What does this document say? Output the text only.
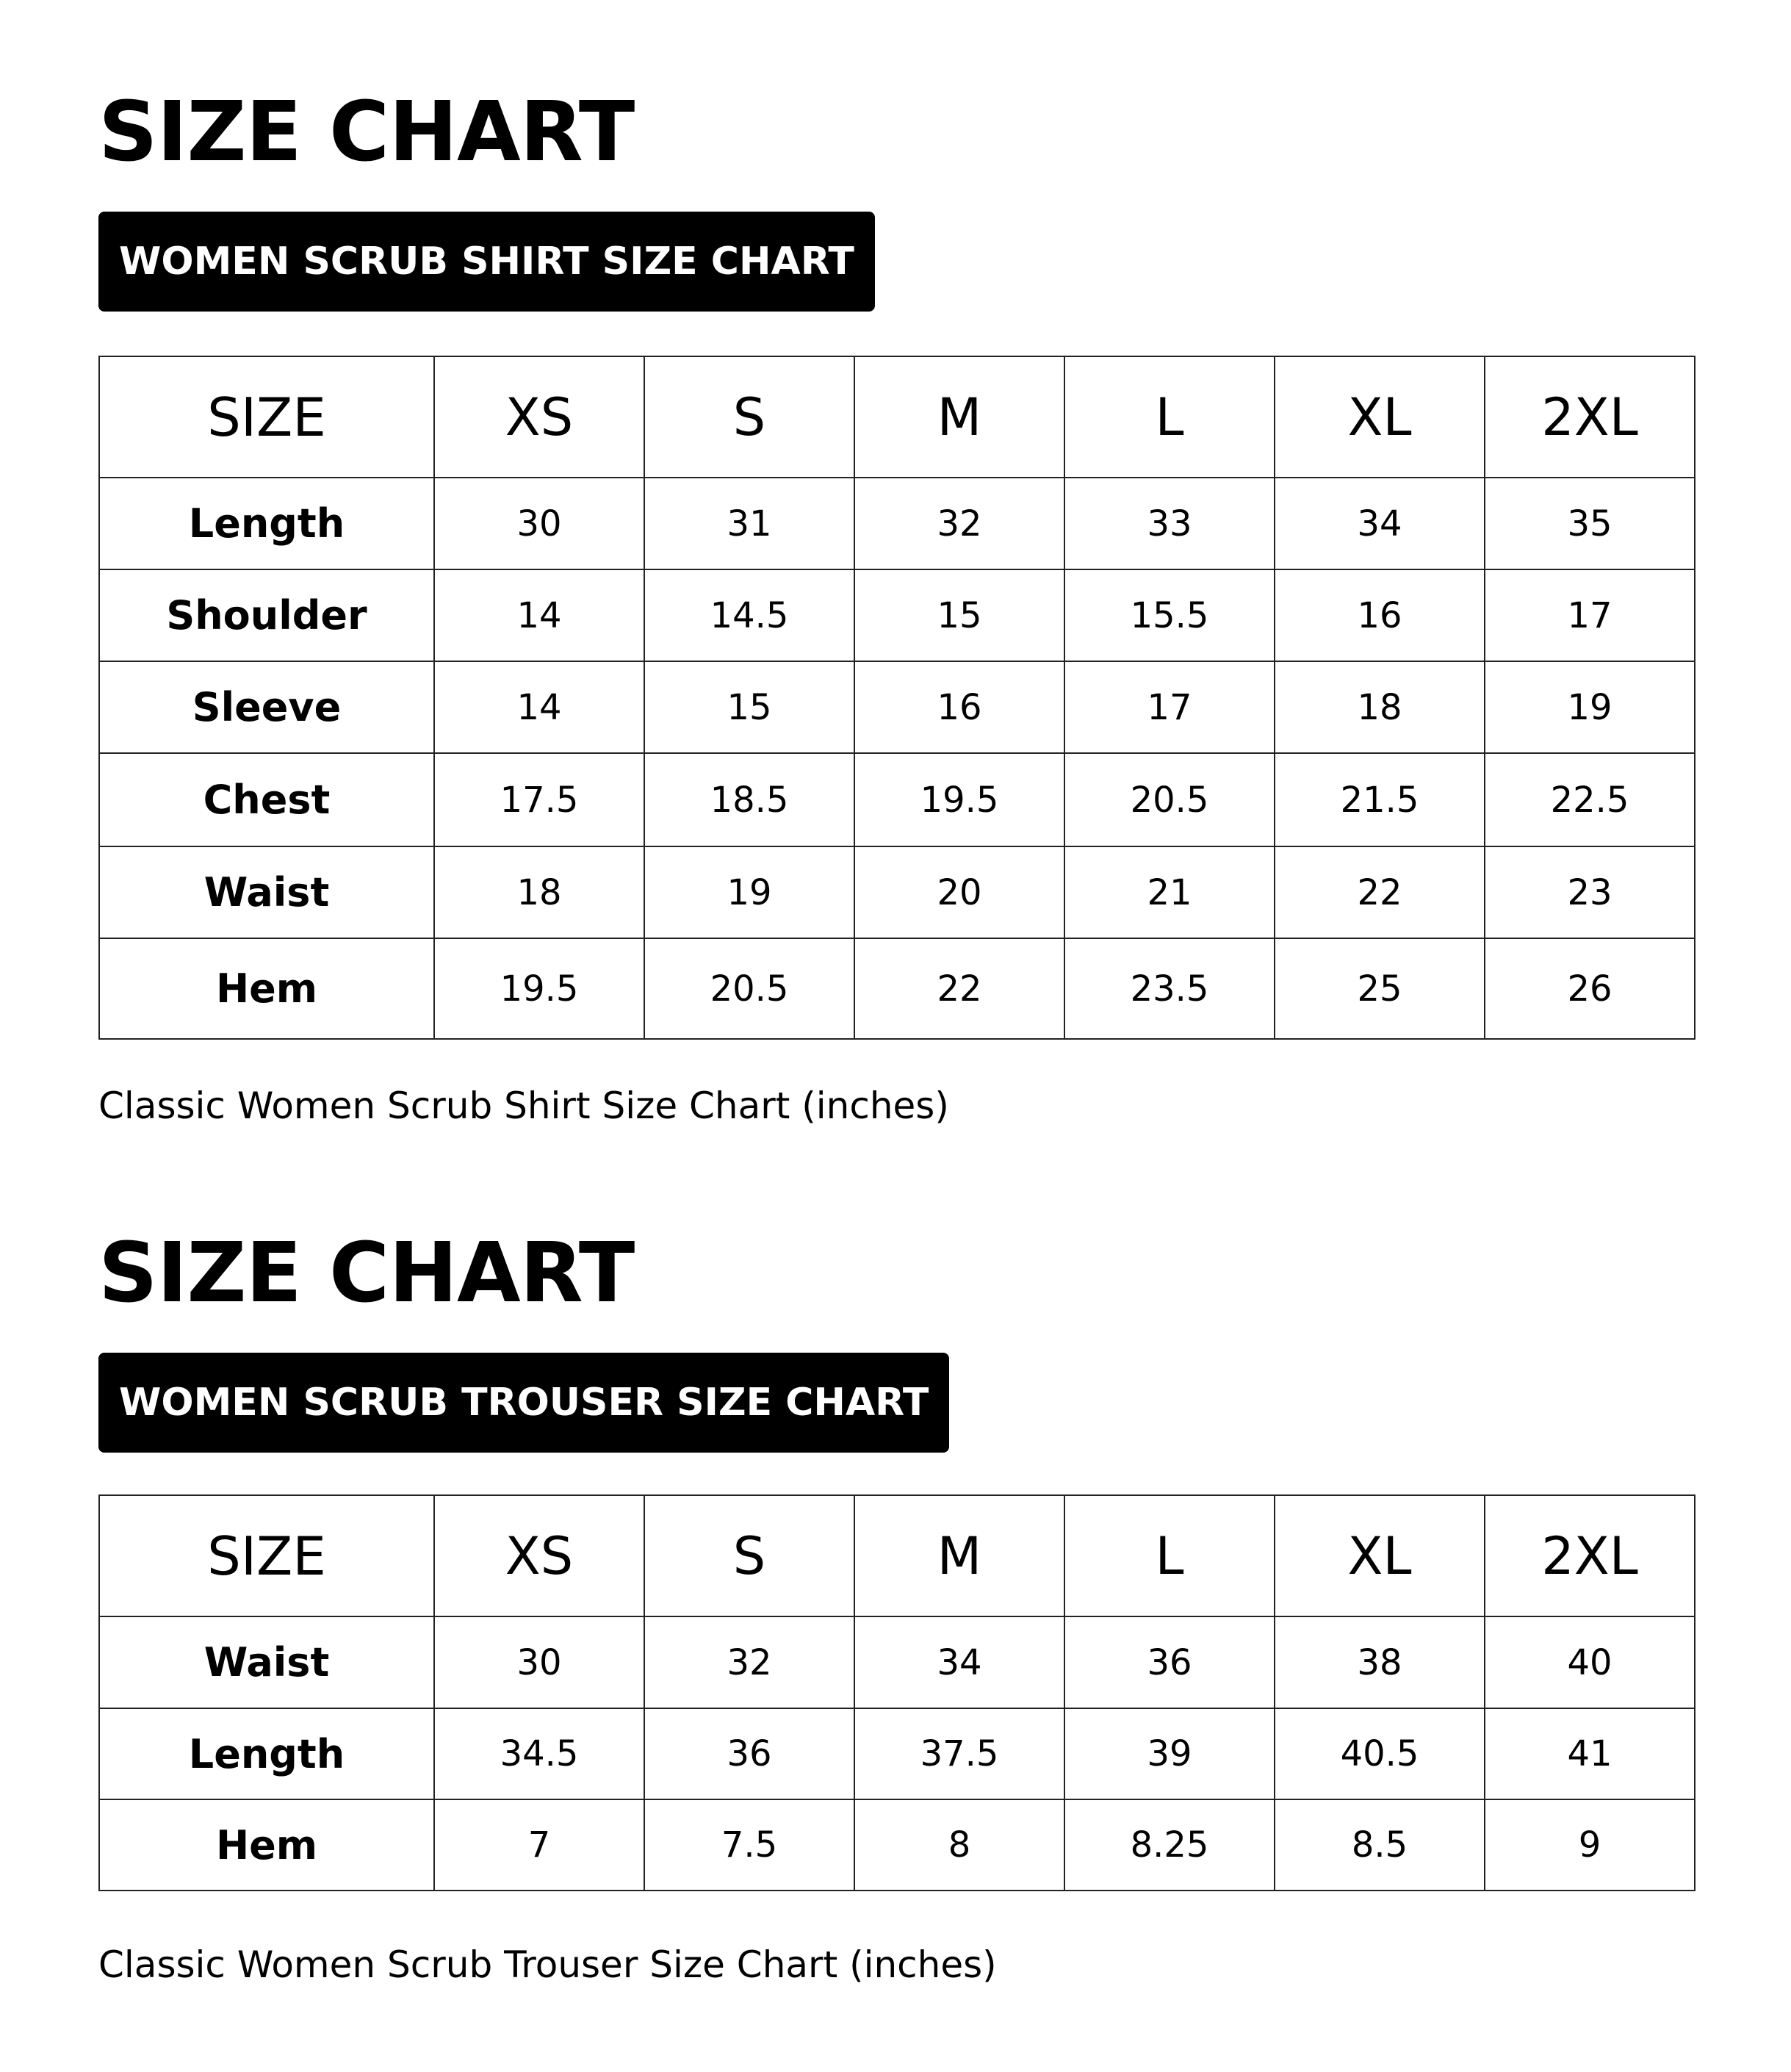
SIZE CHART
WOMEN SCRUB SHIRT SIZE CHART
SIZE	XS	S	M	L	XL	2XL
Length	30	31	32	33	34	35
Shoulder	14	14.5	15	15.5	16	17
Sleeve	14	15	16	17	18	19
Chest	17.5	18.5	19.5	20.5	21.5	22.5
Waist	18	19	20	21	22	23
Hem	19.5	20.5	22	23.5	25	26
Classic Women Scrub Shirt Size Chart (inches)
SIZE CHART
WOMEN SCRUB TROUSER SIZE CHART
SIZE	XS	S	M	L	XL	2XL
Waist	30	32	34	36	38	40
Length	34.5	36	37.5	39	40.5	41
Hem	7	7.5	8	8.25	8.5	9
Classic Women Scrub Trouser Size Chart (inches)
